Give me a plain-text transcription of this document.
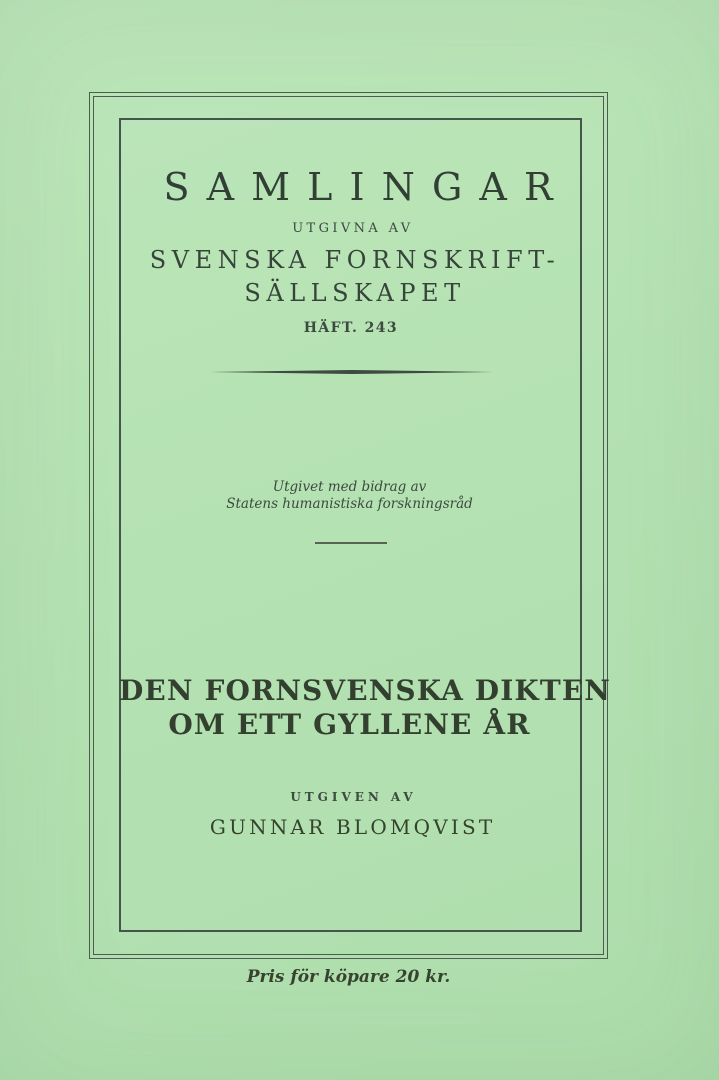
SAMLINGAR
UTGIVNA AV
SVENSKA FORNSKRIFT-
SÄLLSKAPET
HÄFT. 243
Utgivet med bidrag av
Statens humanistiska forskningsråd
DEN FORNSVENSKA DIKTEN
OM ETT GYLLENE ÅR
UTGIVEN AV
GUNNAR BLOMQVIST
Pris för köpare 20 kr.
